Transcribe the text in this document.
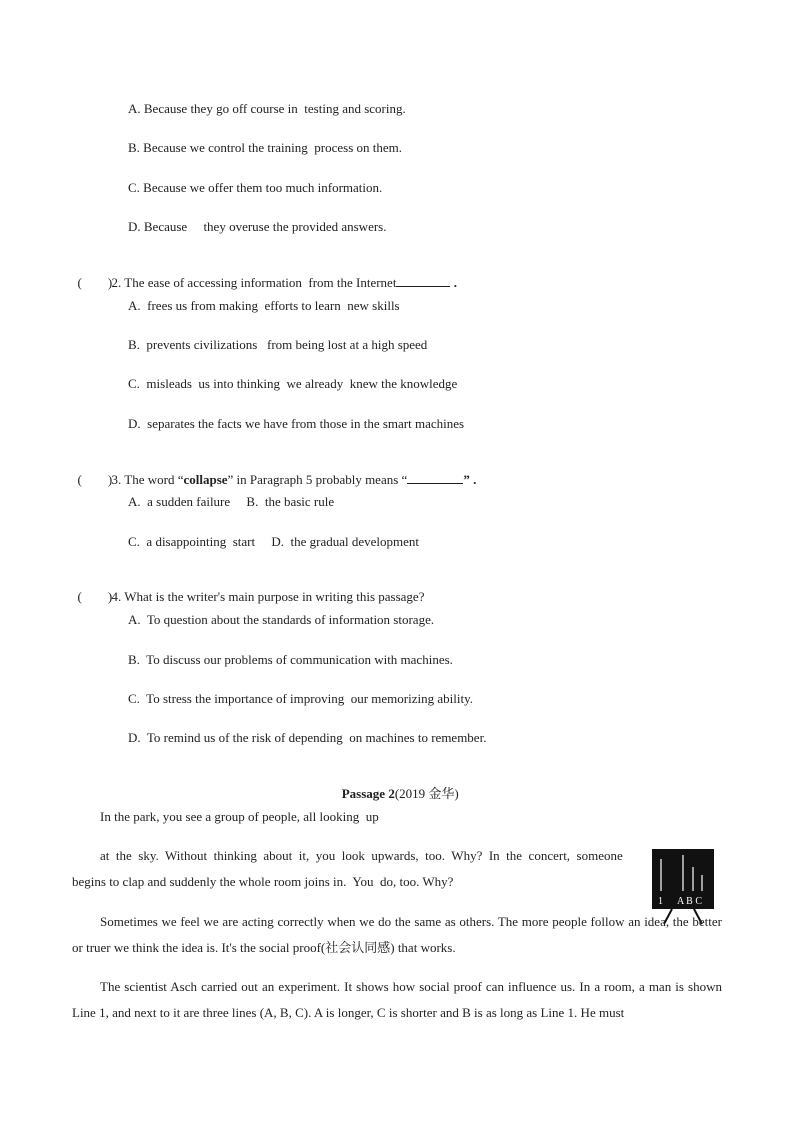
A. Because they go off course in  testing and scoring.
B. Because we control the training  process on them.
C. Because we offer them too much information.
D. Because     they overuse the provided answers.

(        )2. The ease of accessing information  from the Internet	.

A.  frees us from making  efforts to learn  new skills
B.  prevents civilizations   from being lost at a high speed
C.  misleads  us into thinking  we already  knew the knowledge
D.  separates the facts we have from those in the smart machines

(        )3. The word “collapse” in Paragraph 5 probably means “	” .

A.  a sudden failure     B.  the basic rule
C.  a disappointing  start     D.  the gradual development

(        )4. What is the writer's main purpose in writing this passage?

A.  To question about the standards of information storage.
B.  To discuss our problems of communication with machines.
C.  To stress the importance of improving  our memorizing ability.
D.  To remind us of the risk of depending  on machines to remember.

Passage 2(2019 金华)

In the park, you see a group of people, all looking  up
at  the  sky.  Without  thinking  about  it,  you  look  upwards,  too.  Why?  In  the  concert,  someone
begins to clap and suddenly the whole room joins in.  You  do, too. Why?
1 A B C
Sometimes we feel we are acting correctly when we do the same as others. The more people follow an idea, the better or truer we think the idea is. It's the social proof(社会认同感) that works.
The scientist Asch carried out an experiment. It shows how social proof can influence us. In a room, a man is shown Line 1, and next to it are three lines (A, B, C). A is longer, C is shorter and B is as long as Line 1. He must
